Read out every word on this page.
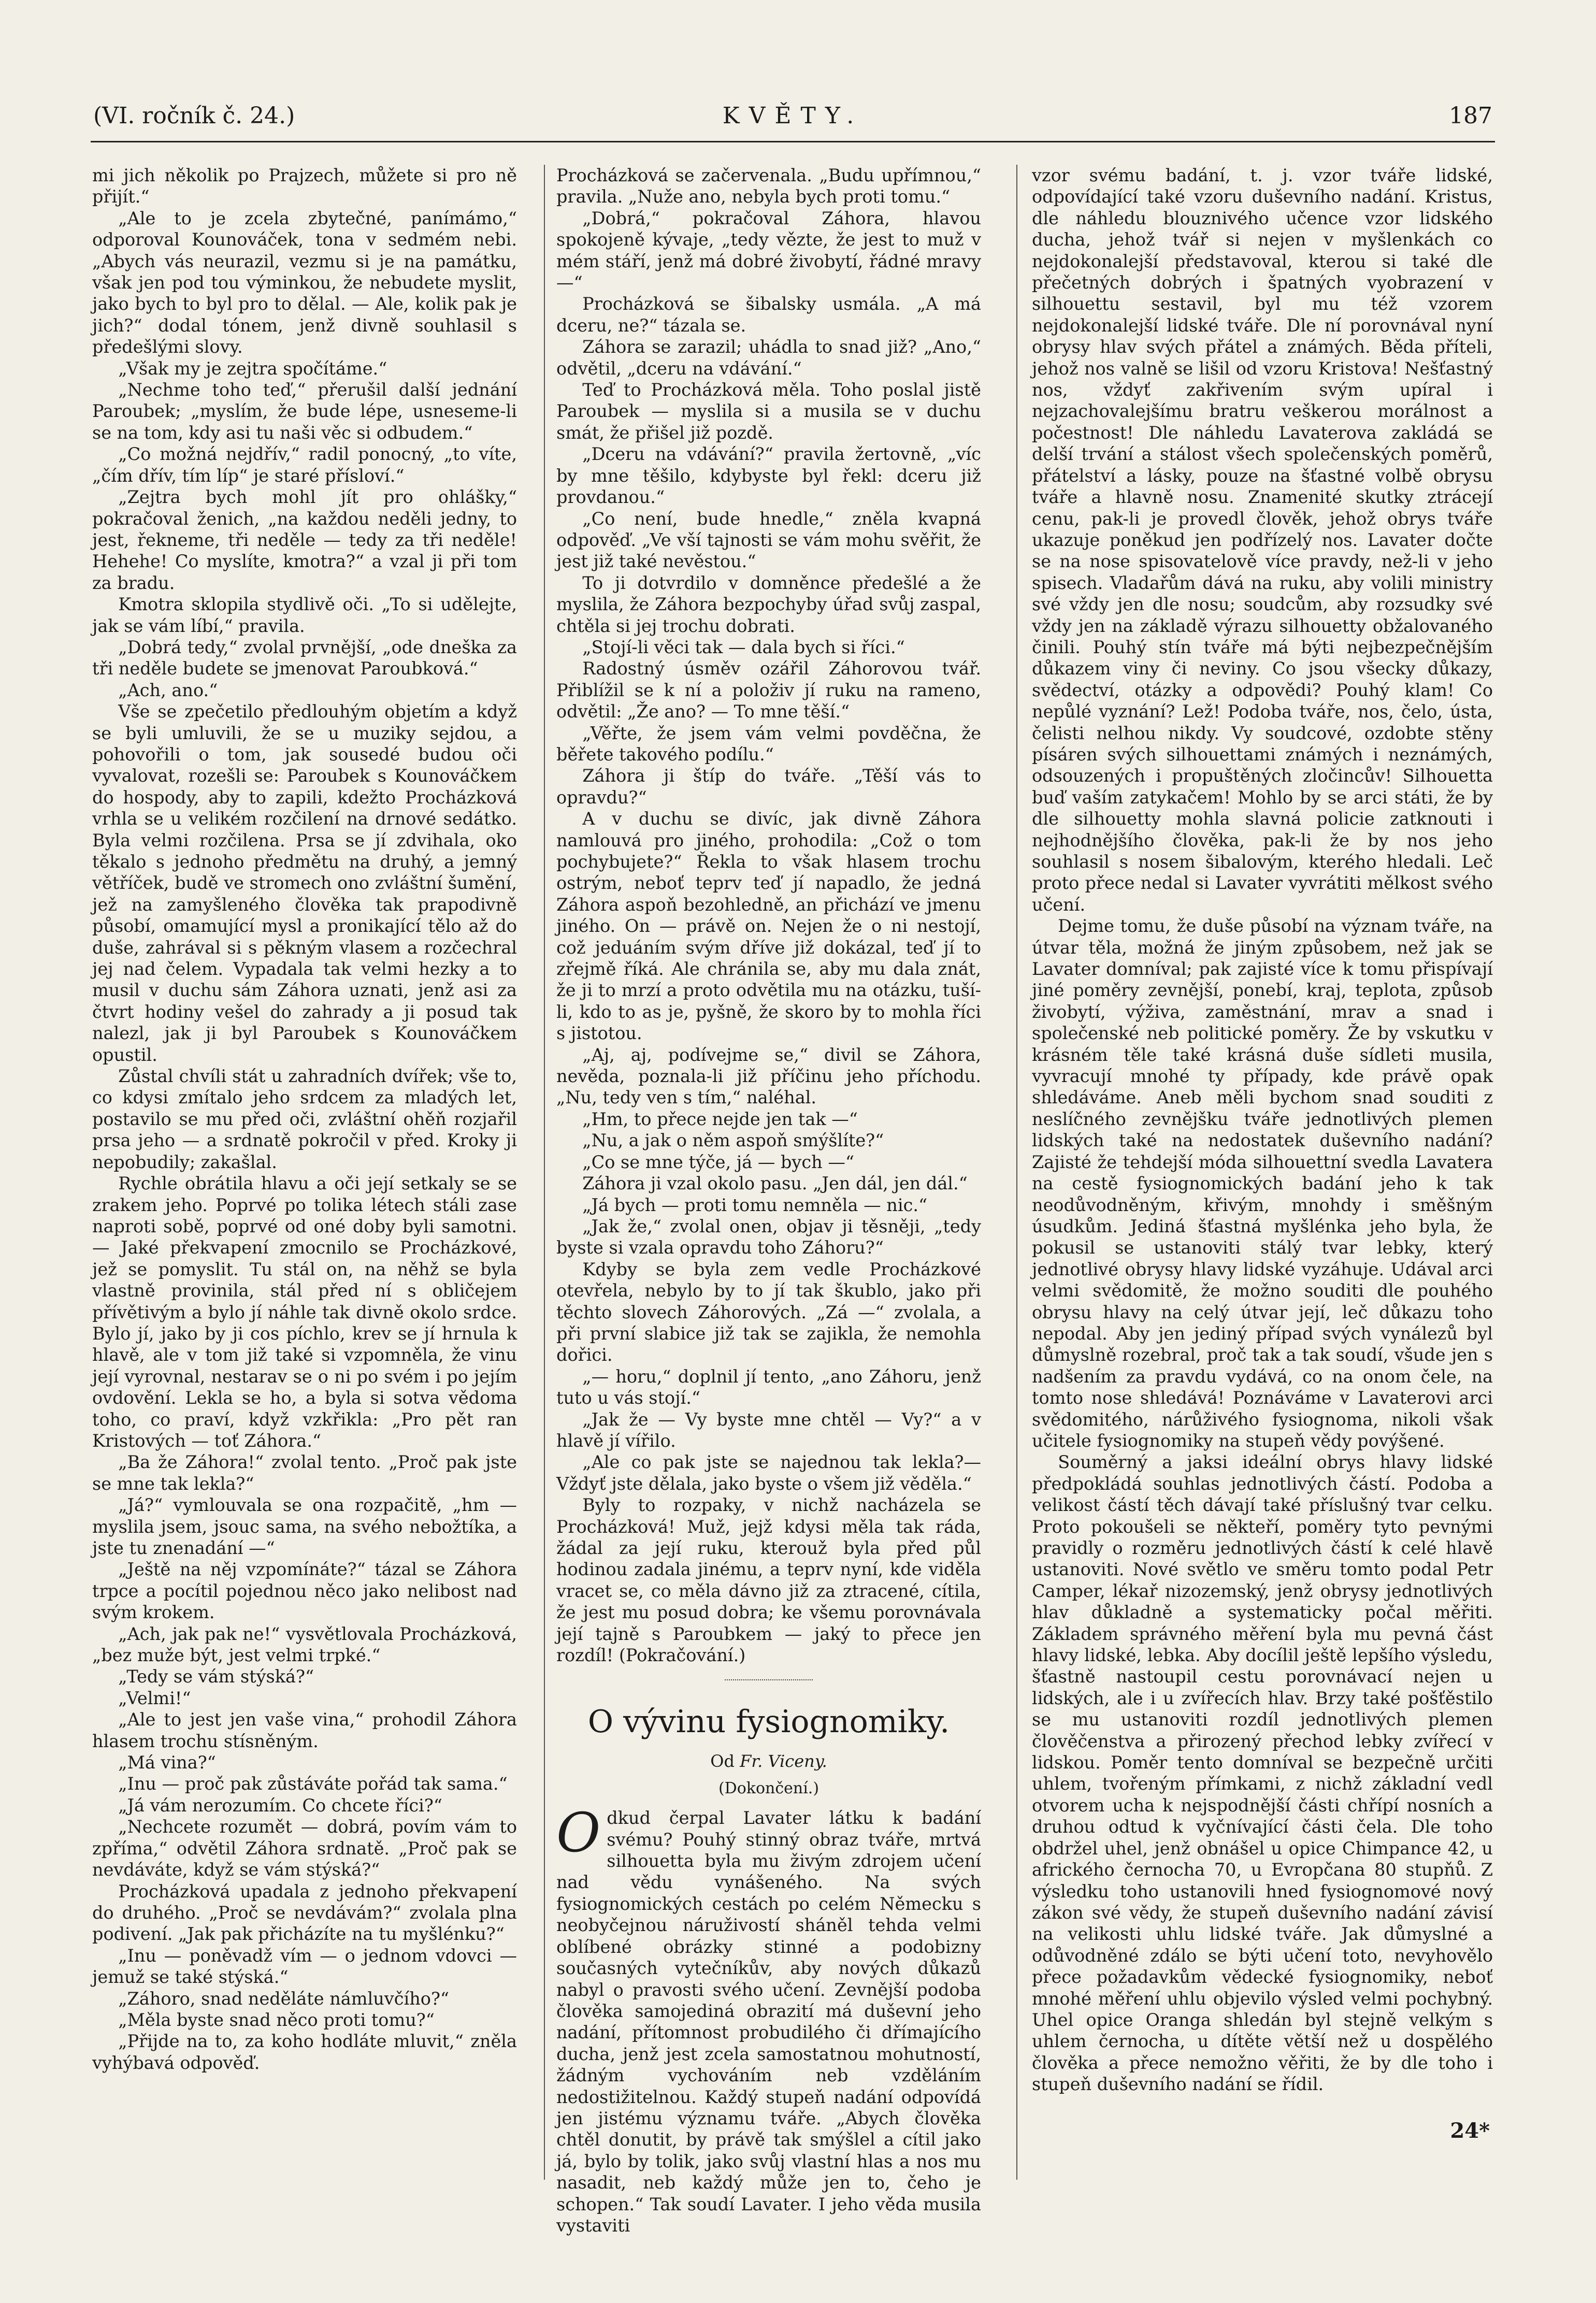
(VI. ročník č. 24.)	KVĚTY.	187

mi jich několik po Prajzech, můžete si pro ně přijít.“

„Ale to je zcela zbytečné, panímámo,“ odporoval Kounováček, tona v sedmém nebi. „Abych vás neurazil, vezmu si je na památku, však jen pod tou výminkou, že nebudete myslit, jako bych to byl pro to dělal. — Ale, kolik pak je jich?“ dodal tónem, jenž divně souhlasil s předešlými slovy.

„Však my je zejtra spočítáme.“

„Nechme toho teď,“ přerušil další jednání Paroubek; „myslím, že bude lépe, usneseme-li se na tom, kdy asi tu naši věc si odbudem.“

„Co možná nejdřív,“ radil ponocný, „to víte, „čím dřív, tím líp“ je staré přísloví.“

„Zejtra bych mohl jít pro ohlášky,“ pokračoval ženich, „na každou neděli jedny, to jest, řekneme, tři neděle — tedy za tři neděle! Hehehe! Co myslíte, kmotra?“ a vzal ji při tom za bradu.

Kmotra sklopila stydlivě oči. „To si udělejte, jak se vám líbí,“ pravila.

„Dobrá tedy,“ zvolal prvnější, „ode dneška za tři neděle budete se jmenovat Paroubková.“

„Ach, ano.“

Vše se zpečetilo předlouhým objetím a když se byli umluvili, že se u muziky sejdou, a pohovořili o tom, jak sousedé budou oči vyvalovat, rozešli se: Paroubek s Kounováčkem do hospody, aby to zapili, kdežto Procházková vrhla se u velikém rozčilení na drnové sedátko. Byla velmi rozčilena. Prsa se jí zdvihala, oko těkalo s jednoho předmětu na druhý, a jemný větříček, budě ve stromech ono zvláštní šumění, jež na zamyšleného člověka tak prapodivně působí, omamující mysl a pronikající tělo až do duše, zahrával si s pěkným vlasem a rozčechral jej nad čelem. Vypadala tak velmi hezky a to musil v duchu sám Záhora uznati, jenž asi za čtvrt hodiny vešel do zahrady a ji posud tak nalezl, jak ji byl Paroubek s Kounováčkem opustil.

Zůstal chvíli stát u zahradních dvířek; vše to, co kdysi zmítalo jeho srdcem za mladých let, postavilo se mu před oči, zvláštní ohěň rozjařil prsa jeho — a srdnatě pokročil v před. Kroky ji nepobudily; zakašlal.

Rychle obrátila hlavu a oči její setkaly se se zrakem jeho. Poprvé po tolika létech stáli zase naproti sobě, poprvé od oné doby byli samotni. — Jaké překvapení zmocnilo se Procházkové, jež se pomyslit. Tu stál on, na něhž se byla vlastně provinila, stál před ní s obličejem přívětivým a bylo jí náhle tak divně okolo srdce. Bylo jí, jako by ji cos píchlo, krev se jí hrnula k hlavě, ale v tom již také si vzpomněla, že vinu její vyrovnal, nestarav se o ni po svém i po jejím ovdovění. Lekla se ho, a byla si sotva vědoma toho, co praví, když vzkřikla: „Pro pět ran Kristových — toť Záhora.“

„Ba že Záhora!“ zvolal tento. „Proč pak jste se mne tak lekla?“

„Já?“ vymlouvala se ona rozpačitě, „hm — myslila jsem, jsouc sama, na svého nebožtíka, a jste tu znenadání —“

„Ještě na něj vzpomínáte?“ tázal se Záhora trpce a pocítil pojednou něco jako nelibost nad svým krokem.

„Ach, jak pak ne!“ vysvětlovala Procházková, „bez muže být, jest velmi trpké.“

„Tedy se vám stýská?“

„Velmi!“

„Ale to jest jen vaše vina,“ prohodil Záhora hlasem trochu stísněným.

„Má vina?“

„Inu — proč pak zůstáváte pořád tak sama.“

„Já vám nerozumím. Co chcete říci?“

„Nechcete rozumět — dobrá, povím vám to zpříma,“ odvětil Záhora srdnatě. „Proč pak se nevdáváte, když se vám stýská?“

Procházková upadala z jednoho překvapení do druhého. „Proč se nevdávám?“ zvolala plna podivení. „Jak pak přicházíte na tu myšlénku?“

„Inu — poněvadž vím — o jednom vdovci — jemuž se také stýská.“

„Záhoro, snad neděláte námluvčího?“

„Měla byste snad něco proti tomu?“

„Přijde na to, za koho hodláte mluvit,“ zněla vyhýbavá odpověď.

Procházková se začervenala. „Budu upřímnou,“ pravila. „Nuže ano, nebyla bych proti tomu.“

„Dobrá,“ pokračoval Záhora, hlavou spokojeně kývaje, „tedy vězte, že jest to muž v mém stáří, jenž má dobré živobytí, řádné mravy —“

Procházková se šibalsky usmála. „A má dceru, ne?“ tázala se.

Záhora se zarazil; uhádla to snad již? „Ano,“ odvětil, „dceru na vdávání.“

Teď to Procházková měla. Toho poslal jistě Paroubek — myslila si a musila se v duchu smát, že přišel již pozdě.

„Dceru na vdávání?“ pravila žertovně, „víc by mne těšilo, kdybyste byl řekl: dceru již provdanou.“

„Co není, bude hnedle,“ zněla kvapná odpověď. „Ve vší tajnosti se vám mohu svěřit, že jest již také nevěstou.“

To ji dotvrdilo v domněnce předešlé a že myslila, že Záhora bezpochyby úřad svůj zaspal, chtěla si jej trochu dobrati.

„Stojí-li věci tak — dala bych si říci.“

Radostný úsměv ozářil Záhorovou tvář. Přiblížil se k ní a položiv jí ruku na rameno, odvětil: „Že ano? — To mne těší.“

„Věřte, že jsem vám velmi povděčna, že běřete takového podílu.“

Záhora ji štíp do tváře. „Těší vás to opravdu?“

A v duchu se divíc, jak divně Záhora namlouvá pro jiného, prohodila: „Což o tom pochybujete?“ Řekla to však hlasem trochu ostrým, neboť teprv teď jí napadlo, že jedná Záhora aspoň bezohledně, an přichází ve jmenu jiného. On — právě on. Nejen že o ni nestojí, což jeduáním svým dříve již dokázal, teď jí to zřejmě říká. Ale chránila se, aby mu dala znát, že ji to mrzí a proto odvětila mu na otázku, tuší-li, kdo to as je, pyšně, že skoro by to mohla říci s jistotou.

„Aj, aj, podívejme se,“ divil se Záhora, nevěda, poznala-li již příčinu jeho příchodu. „Nu, tedy ven s tím,“ naléhal.

„Hm, to přece nejde jen tak —“

„Nu, a jak o něm aspoň smýšlíte?“

„Co se mne týče, já — bych —“

Záhora ji vzal okolo pasu. „Jen dál, jen dál.“

„Já bych — proti tomu nemněla — nic.“

„Jak že,“ zvolal onen, objav ji těsněji, „tedy byste si vzala opravdu toho Záhoru?“

Kdyby se byla zem vedle Procházkové otevřela, nebylo by to jí tak škublo, jako při těchto slovech Záhorových. „Zá —“ zvolala, a při první slabice již tak se zajikla, že nemohla dořici.

„— horu,“ doplnil jí tento, „ano Záhoru, jenž tuto u vás stojí.“

„Jak že — Vy byste mne chtěl — Vy?“ a v hlavě jí vířilo.

„Ale co pak jste se najednou tak lekla?— Vždyť jste dělala, jako byste o všem již věděla.“

Byly to rozpaky, v nichž nacházela se Procházková! Muž, jejž kdysi měla tak ráda, žádal za její ruku, kterouž byla před půl hodinou zadala jinému, a teprv nyní, kde viděla vracet se, co měla dávno již za ztracené, cítila, že jest mu posud dobra; ke všemu porovnávala její tajně s Paroubkem — jaký to přece jen rozdíl! (Pokračování.)

O vývinu fysiognomiky.
Od Fr. Viceny.
(Dokončení.)

Odkud čerpal Lavater látku k badání svému? Pouhý stinný obraz tváře, mrtvá silhouetta byla mu živým zdrojem učení nad vědu vynášeného. Na svých fysiognomických cestách po celém Německu s neobyčejnou náruživostí sháněl tehda velmi oblíbené obrázky stinné a podobizny současných vytečníkův, aby nových důkazů nabyl o pravosti svého učení. Zevnější podoba člověka samojediná obrazití má duševní jeho nadání, přítomnost probudilého či dřímajícího ducha, jenž jest zcela samostatnou mohutností, žádným vychováním neb vzděláním nedostižitelnou. Každý stupeň nadání odpovídá jen jistému významu tváře. „Abych člověka chtěl donutit, by právě tak smýšlel a cítil jako já, bylo by tolik, jako svůj vlastní hlas a nos mu nasadit, neb každý může jen to, čeho je schopen.“ Tak soudí Lavater. I jeho věda musila vystaviti

vzor svému badání, t. j. vzor tváře lidské, odpovídající také vzoru duševního nadání. Kristus, dle náhledu blouznivého učence vzor lidského ducha, jehož tvář si nejen v myšlenkách co nejdokonalejší představoval, kterou si také dle přečetných dobrých i špatných vyobrazení v silhouettu sestavil, byl mu též vzorem nejdokonalejší lidské tváře. Dle ní porovnával nyní obrysy hlav svých přátel a známých. Běda příteli, jehož nos valně se lišil od vzoru Kristova! Nešťastný nos, vždyť zakřivením svým upíral i nejzachovalejšímu bratru veškerou morálnost a počestnost! Dle náhledu Lavaterova zakládá se delší trvání a stálost všech společenských poměrů, přátelství a lásky, pouze na šťastné volbě obrysu tváře a hlavně nosu. Znamenité skutky ztrácejí cenu, pak-li je provedl člověk, jehož obrys tváře ukazuje poněkud jen podřízelý nos. Lavater dočte se na nose spisovatelově více pravdy, než-li v jeho spisech. Vladařům dává na ruku, aby volili ministry své vždy jen dle nosu; soudcům, aby rozsudky své vždy jen na základě výrazu silhouetty obžalovaného činili. Pouhý stín tváře má býti nejbezpečnějším důkazem viny či neviny. Co jsou všecky důkazy, svědectví, otázky a odpovědi? Pouhý klam! Co nepůlé vyznání? Lež! Podoba tváře, nos, čelo, ústa, čelisti nelhou nikdy. Vy soudcové, ozdobte stěny písáren svých silhouettami známých i neznámých, odsouzených i propuštěných zločincův! Silhouetta buď vaším zatykačem! Mohlo by se arci státi, že by dle silhouetty mohla slavná policie zatknouti i nejhodnějšího člověka, pak-li že by nos jeho souhlasil s nosem šibalovým, kterého hledali. Leč proto přece nedal si Lavater vyvrátiti mělkost svého učení.

Dejme tomu, že duše působí na význam tváře, na útvar těla, možná že jiným způsobem, než jak se Lavater domníval; pak zajisté více k tomu přispívají jiné poměry zevnější, ponebí, kraj, teplota, způsob živobytí, výživa, zaměstnání, mrav a snad i společenské neb politické poměry. Že by vskutku v krásném těle také krásná duše sídleti musila, vyvracují mnohé ty případy, kde právě opak shledáváme. Aneb měli bychom snad souditi z neslíčného zevnějšku tváře jednotlivých plemen lidských také na nedostatek duševního nadání? Zajisté že tehdejší móda silhouettní svedla Lavatera na cestě fysiognomických badání jeho k tak neodůvodněným, křivým, mnohdy i směšným úsudkům. Jediná šťastná myšlénka jeho byla, že pokusil se ustanoviti stálý tvar lebky, který jednotlivé obrysy hlavy lidské vyzáhuje. Udával arci velmi svědomitě, že možno souditi dle pouhého obrysu hlavy na celý útvar její, leč důkazu toho nepodal. Aby jen jediný případ svých vynálezů byl důmyslně rozebral, proč tak a tak soudí, všude jen s nadšením za pravdu vydává, co na onom čele, na tomto nose shledává! Poznáváme v Lavaterovi arci svědomitého, nárůživého fysiognoma, nikoli však učitele fysiognomiky na stupeň vědy povýšené.

Souměrný a jaksi ideální obrys hlavy lidské předpokládá souhlas jednotlivých částí. Podoba a velikost částí těch dávají také příslušný tvar celku. Proto pokoušeli se někteří, poměry tyto pevnými pravidly o rozměru jednotlivých částí k celé hlavě ustanoviti. Nové světlo ve směru tomto podal Petr Camper, lékař nizozemský, jenž obrysy jednotlivých hlav důkladně a systematicky počal měřiti. Základem správného měření byla mu pevná část hlavy lidské, lebka. Aby docílil ještě lepšího výsledu, šťastně nastoupil cestu porovnávací nejen u lidských, ale i u zvířecích hlav. Brzy také pošťěstilo se mu ustanoviti rozdíl jednotlivých plemen člověčenstva a přirozený přechod lebky zvířecí v lidskou. Poměr tento domníval se bezpečně určiti uhlem, tvořeným přímkami, z nichž základní vedl otvorem ucha k nejspodnější části chřípí nosních a druhou odtud k vyčnívající části čela. Dle toho obdržel uhel, jenž obnášel u opice Chimpance 42, u afrického černocha 70, u Evropčana 80 stupňů. Z výsledku toho ustanovili hned fysiognomové nový zákon své vědy, že stupeň duševního nadání závisí na velikosti uhlu lidské tváře. Jak důmyslné a odůvodněné zdálo se býti učení toto, nevyhovělo přece požadavkům vědecké fysiognomiky, neboť mnohé měření uhlu objevilo výsled velmi pochybný. Uhel opice Oranga shledán byl stejně velkým s uhlem černocha, u dítěte větší než u dospělého člověka a přece nemožno věřiti, že by dle toho i stupeň duševního nadání se řídil.

24*
